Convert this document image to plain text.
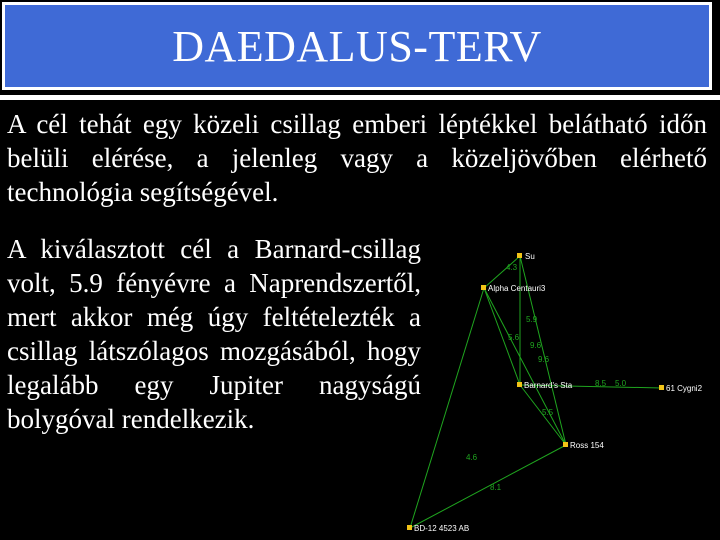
DAEDALUS-TERV

A cél tehát egy közeli csillag emberi léptékkel belátható időn belüli elérése, a jelenleg vagy a közeljövőben elérhető technológia segítségével.

A kiválasztott cél a Barnard-csillag volt, 5.9 fényévre a Naprendszertől, mert akkor még úgy feltételezték a csillag látszólagos mozgásából, hogy legalább egy Jupiter nagyságú bolygóval rendelkezik.

Su
Alpha Centauri3
Barnard's Sta	61 Cygni2
Ross 154
BD-12 4523 AB
4.3
5.9
5.6
9.6
8.5 5.0
5.5
9.6
8.1
4.6
